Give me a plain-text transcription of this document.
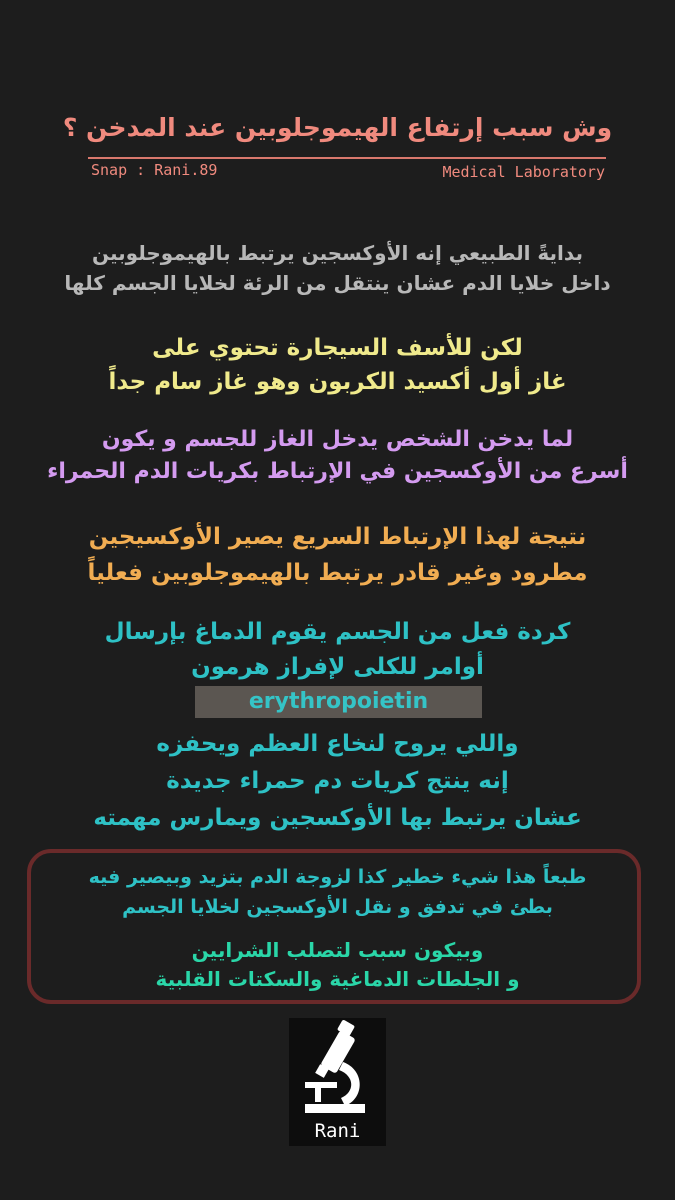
وش سبب إرتفاع الهيموجلوبين عند المدخن ؟
Snap : Rani.89	Medical Laboratory
بدايةً الطبيعي إنه الأوكسجين يرتبط بالهيموجلوبين
داخل خلايا الدم عشان ينتقل من الرئة لخلايا الجسم كلها
لكن للأسف السيجارة تحتوي على
غاز أول أكسيد الكربون وهو غاز سام جداً
لما يدخن الشخص يدخل الغاز للجسم و يكون
أسرع من الأوكسجين في الإرتباط بكريات الدم الحمراء
نتيجة لهذا الإرتباط السريع يصير الأوكسيجين
مطرود وغير قادر يرتبط بالهيموجلوبين فعلياً
كردة فعل من الجسم يقوم الدماغ بإرسال
أوامر للكلى لإفراز هرمون
erythropoietin
واللي يروح لنخاع العظم ويحفزه
إنه ينتج كريات دم حمراء جديدة
عشان يرتبط بها الأوكسجين ويمارس مهمته
طبعاً هذا شيء خطير كذا لزوجة الدم بتزيد وبيصير فيه
بطئ في تدفق و نقل الأوكسجين لخلايا الجسم
وبيكون سبب لتصلب الشرايين
و الجلطات الدماغية والسكتات القلبية
Rani
